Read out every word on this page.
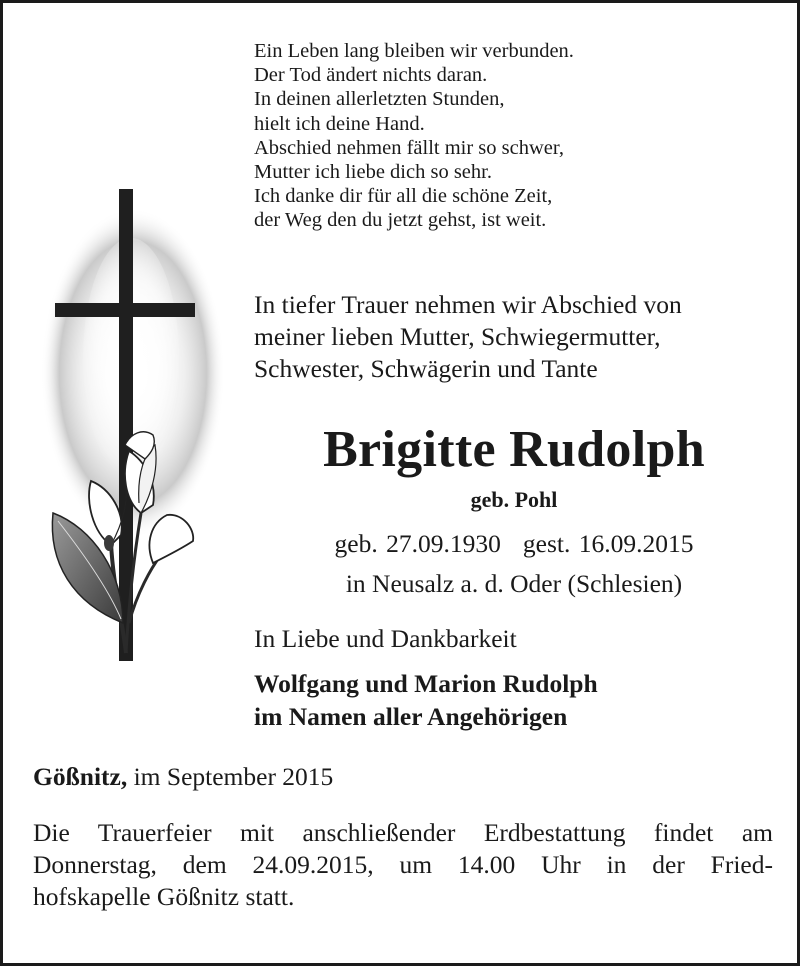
Ein Leben lang bleiben wir verbunden.
Der Tod ändert nichts daran.
In deinen allerletzten Stunden,
hielt ich deine Hand.
Abschied nehmen fällt mir so schwer,
Mutter ich liebe dich so sehr.
Ich danke dir für all die schöne Zeit,
der Weg den du jetzt gehst, ist weit.
In tiefer Trauer nehmen wir Abschied von
meiner lieben Mutter, Schwiegermutter,
Schwester, Schwägerin und Tante
Brigitte Rudolph
geb. Pohl
geb. 27.09.1930 gest. 16.09.2015
in Neusalz a. d. Oder (Schlesien)
In Liebe und Dankbarkeit
Wolfgang und Marion Rudolph
im Namen aller Angehörigen
Gößnitz, im September 2015
Die Trauerfeier mit anschließender Erdbestattung findet am
Donnerstag, dem 24.09.2015, um 14.00 Uhr in der Fried-
hofskapelle Gößnitz statt.
